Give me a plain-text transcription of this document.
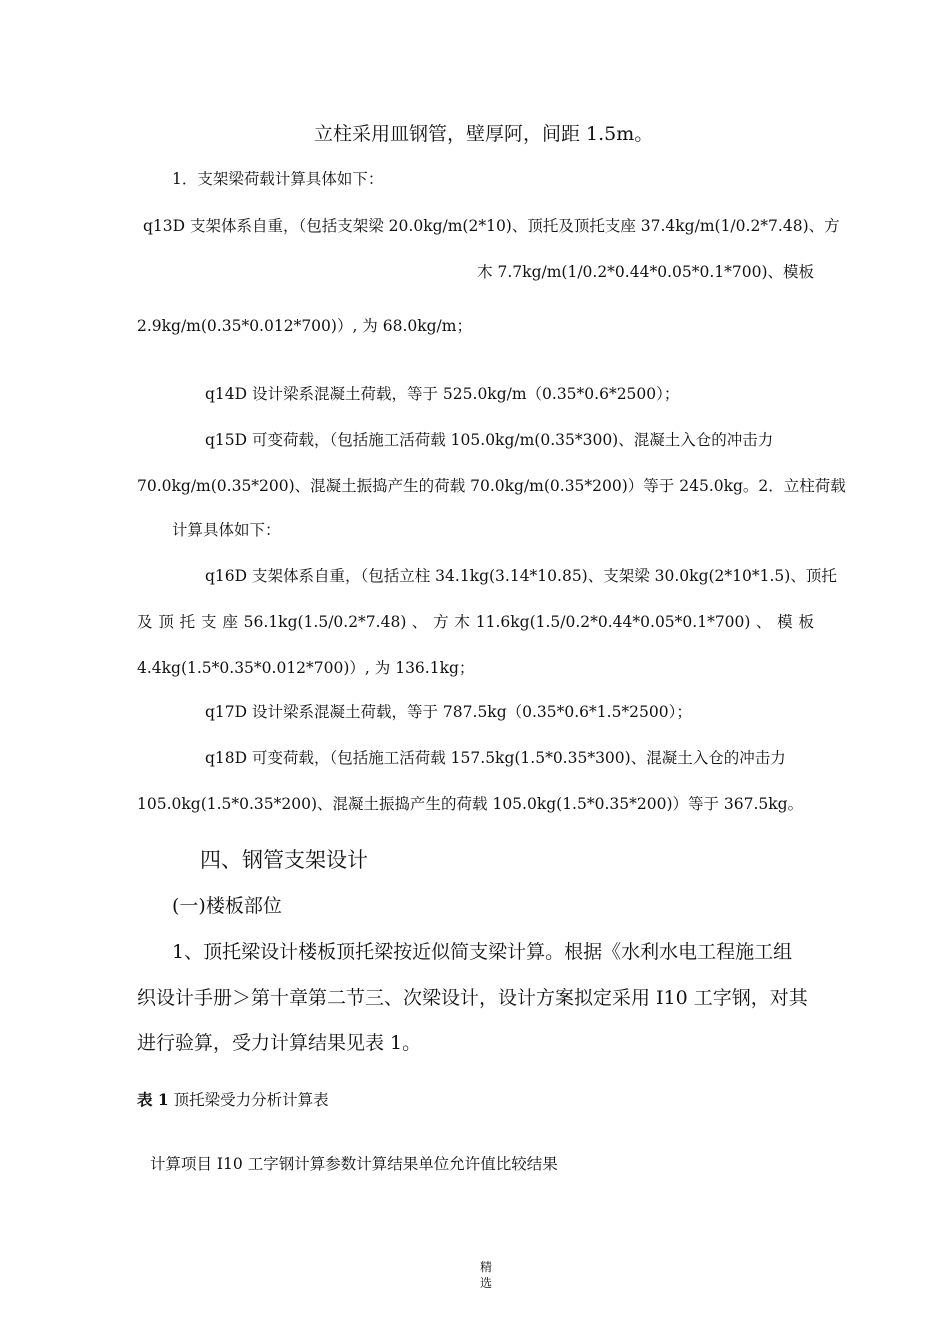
立柱采用皿钢管，壁厚阿，间距 1.5m。
1．支架梁荷载计算具体如下：
q13D 支架体系自重，（包括支架梁 20.0kg/m(2*10)、顶托及顶托支座 37.4kg/m(1/0.2*7.48)、方
木 7.7kg/m(1/0.2*0.44*0.05*0.1*700)、模板
2.9kg/m(0.35*0.012*700)）, 为 68.0kg/m；
q14D 设计梁系混凝土荷载，等于 525.0kg/m（0.35*0.6*2500）；
q15D 可变荷载，（包括施工活荷载 105.0kg/m(0.35*300)、混凝土入仓的冲击力
70.0kg/m(0.35*200)、混凝土振捣产生的荷载 70.0kg/m(0.35*200)）等于 245.0kg。2．立柱荷载
计算具体如下：
q16D 支架体系自重，（包括立柱 34.1kg(3.14*10.85)、支架梁 30.0kg(2*10*1.5)、顶托
及 顶 托 支 座 56.1kg(1.5/0.2*7.48) 、 方 木 11.6kg(1.5/0.2*0.44*0.05*0.1*700) 、 模 板
4.4kg(1.5*0.35*0.012*700)）, 为 136.1kg；
q17D 设计梁系混凝土荷载，等于 787.5kg（0.35*0.6*1.5*2500）；
q18D 可变荷载，（包括施工活荷载 157.5kg(1.5*0.35*300)、混凝土入仓的冲击力
105.0kg(1.5*0.35*200)、混凝土振捣产生的荷载 105.0kg(1.5*0.35*200)）等于 367.5kg。
四、钢管支架设计
(一)楼板部位
1、顶托梁设计楼板顶托梁按近似简支梁计算。根据《水利水电工程施工组
织设计手册＞第十章第二节三、次梁设计，设计方案拟定采用 I10 工字钢，对其
进行验算，受力计算结果见表 1。
表 1 顶托梁受力分析计算表
计算项目 I10 工字钢计算参数计算结果单位允许值比较结果
精
选
